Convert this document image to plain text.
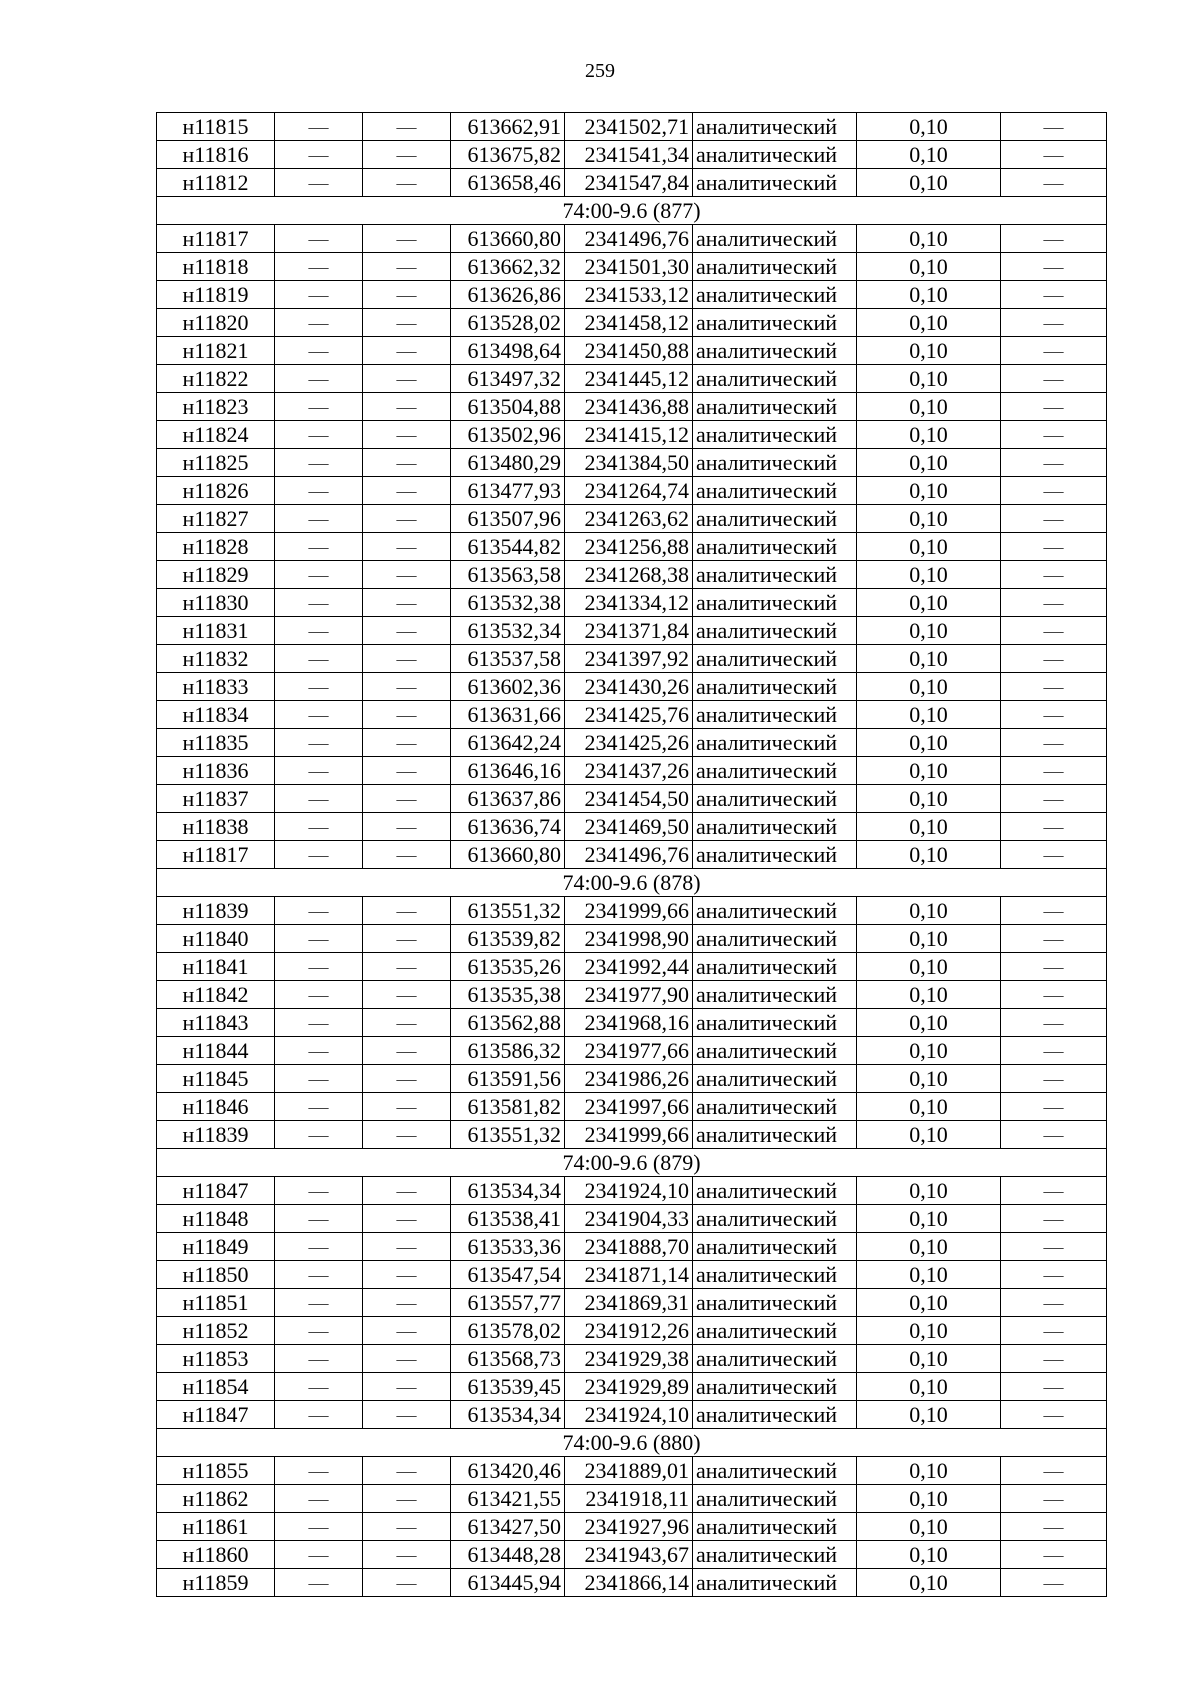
259
н11815	—	—	613662,91	2341502,71	аналитический	0,10	—
н11816	—	—	613675,82	2341541,34	аналитический	0,10	—
н11812	—	—	613658,46	2341547,84	аналитический	0,10	—
74:00-9.6 (877)							
н11817	—	—	613660,80	2341496,76	аналитический	0,10	—
н11818	—	—	613662,32	2341501,30	аналитический	0,10	—
н11819	—	—	613626,86	2341533,12	аналитический	0,10	—
н11820	—	—	613528,02	2341458,12	аналитический	0,10	—
н11821	—	—	613498,64	2341450,88	аналитический	0,10	—
н11822	—	—	613497,32	2341445,12	аналитический	0,10	—
н11823	—	—	613504,88	2341436,88	аналитический	0,10	—
н11824	—	—	613502,96	2341415,12	аналитический	0,10	—
н11825	—	—	613480,29	2341384,50	аналитический	0,10	—
н11826	—	—	613477,93	2341264,74	аналитический	0,10	—
н11827	—	—	613507,96	2341263,62	аналитический	0,10	—
н11828	—	—	613544,82	2341256,88	аналитический	0,10	—
н11829	—	—	613563,58	2341268,38	аналитический	0,10	—
н11830	—	—	613532,38	2341334,12	аналитический	0,10	—
н11831	—	—	613532,34	2341371,84	аналитический	0,10	—
н11832	—	—	613537,58	2341397,92	аналитический	0,10	—
н11833	—	—	613602,36	2341430,26	аналитический	0,10	—
н11834	—	—	613631,66	2341425,76	аналитический	0,10	—
н11835	—	—	613642,24	2341425,26	аналитический	0,10	—
н11836	—	—	613646,16	2341437,26	аналитический	0,10	—
н11837	—	—	613637,86	2341454,50	аналитический	0,10	—
н11838	—	—	613636,74	2341469,50	аналитический	0,10	—
н11817	—	—	613660,80	2341496,76	аналитический	0,10	—
74:00-9.6 (878)							
н11839	—	—	613551,32	2341999,66	аналитический	0,10	—
н11840	—	—	613539,82	2341998,90	аналитический	0,10	—
н11841	—	—	613535,26	2341992,44	аналитический	0,10	—
н11842	—	—	613535,38	2341977,90	аналитический	0,10	—
н11843	—	—	613562,88	2341968,16	аналитический	0,10	—
н11844	—	—	613586,32	2341977,66	аналитический	0,10	—
н11845	—	—	613591,56	2341986,26	аналитический	0,10	—
н11846	—	—	613581,82	2341997,66	аналитический	0,10	—
н11839	—	—	613551,32	2341999,66	аналитический	0,10	—
74:00-9.6 (879)							
н11847	—	—	613534,34	2341924,10	аналитический	0,10	—
н11848	—	—	613538,41	2341904,33	аналитический	0,10	—
н11849	—	—	613533,36	2341888,70	аналитический	0,10	—
н11850	—	—	613547,54	2341871,14	аналитический	0,10	—
н11851	—	—	613557,77	2341869,31	аналитический	0,10	—
н11852	—	—	613578,02	2341912,26	аналитический	0,10	—
н11853	—	—	613568,73	2341929,38	аналитический	0,10	—
н11854	—	—	613539,45	2341929,89	аналитический	0,10	—
н11847	—	—	613534,34	2341924,10	аналитический	0,10	—
74:00-9.6 (880)							
н11855	—	—	613420,46	2341889,01	аналитический	0,10	—
н11862	—	—	613421,55	2341918,11	аналитический	0,10	—
н11861	—	—	613427,50	2341927,96	аналитический	0,10	—
н11860	—	—	613448,28	2341943,67	аналитический	0,10	—
н11859	—	—	613445,94	2341866,14	аналитический	0,10	—
